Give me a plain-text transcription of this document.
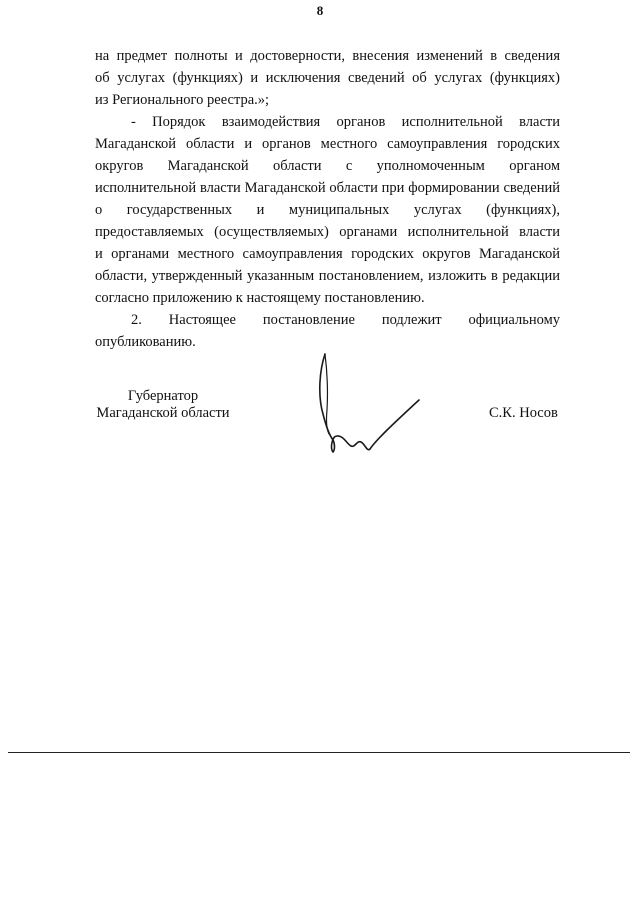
8
на предмет полноты и достоверности, внесения изменений в сведения
об услугах (функциях) и исключения сведений об услугах (функциях)
из Регионального реестра.»;
- Порядок взаимодействия органов исполнительной власти
Магаданской области и органов местного самоуправления городских
округов Магаданской области с уполномоченным органом
исполнительной власти Магаданской области при формировании сведений
о государственных и муниципальных услугах (функциях),
предоставляемых (осуществляемых) органами исполнительной власти
и органами местного самоуправления городских округов Магаданской
области, утвержденный указанным постановлением, изложить в редакции
согласно приложению к настоящему постановлению.
2. Настоящее постановление подлежит официальному
опубликованию.
Губернатор
Магаданской области	С.К. Носов
